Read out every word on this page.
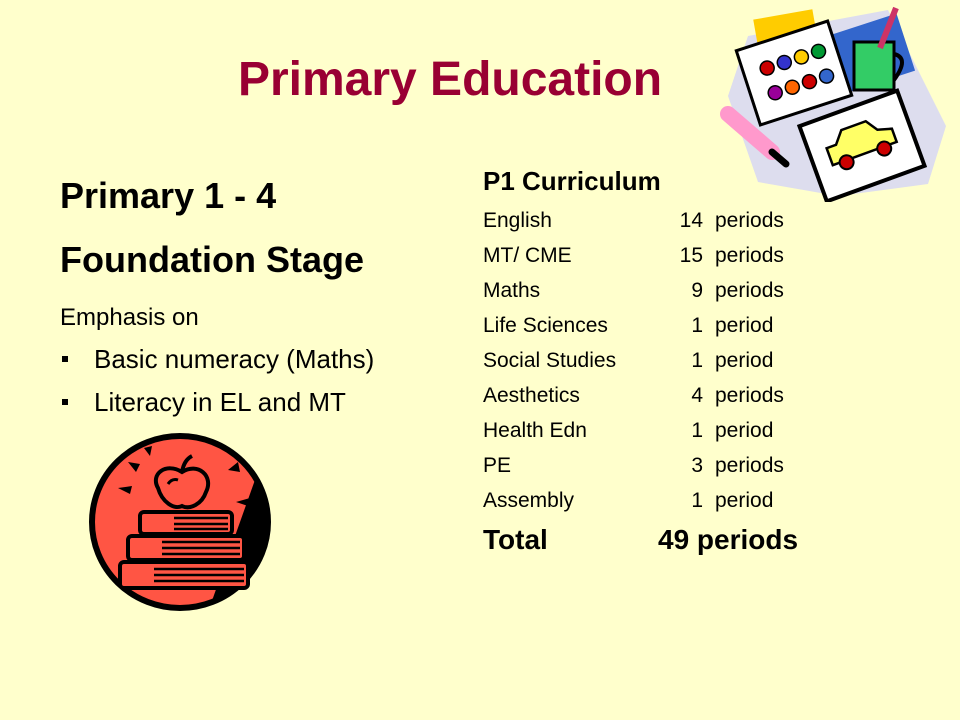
Primary Education

Primary 1 - 4

Foundation Stage

Emphasis on
Basic numeracy (Maths)
Literacy in EL and MT

P1 Curriculum

English	14	periods
MT/ CME	15	periods
Maths	9	periods
Life Sciences	1	period
Social Studies	1	period
Aesthetics	4	periods
Health Edn	1	period
PE	3	periods
Assembly	1	period
Total	49 periods
